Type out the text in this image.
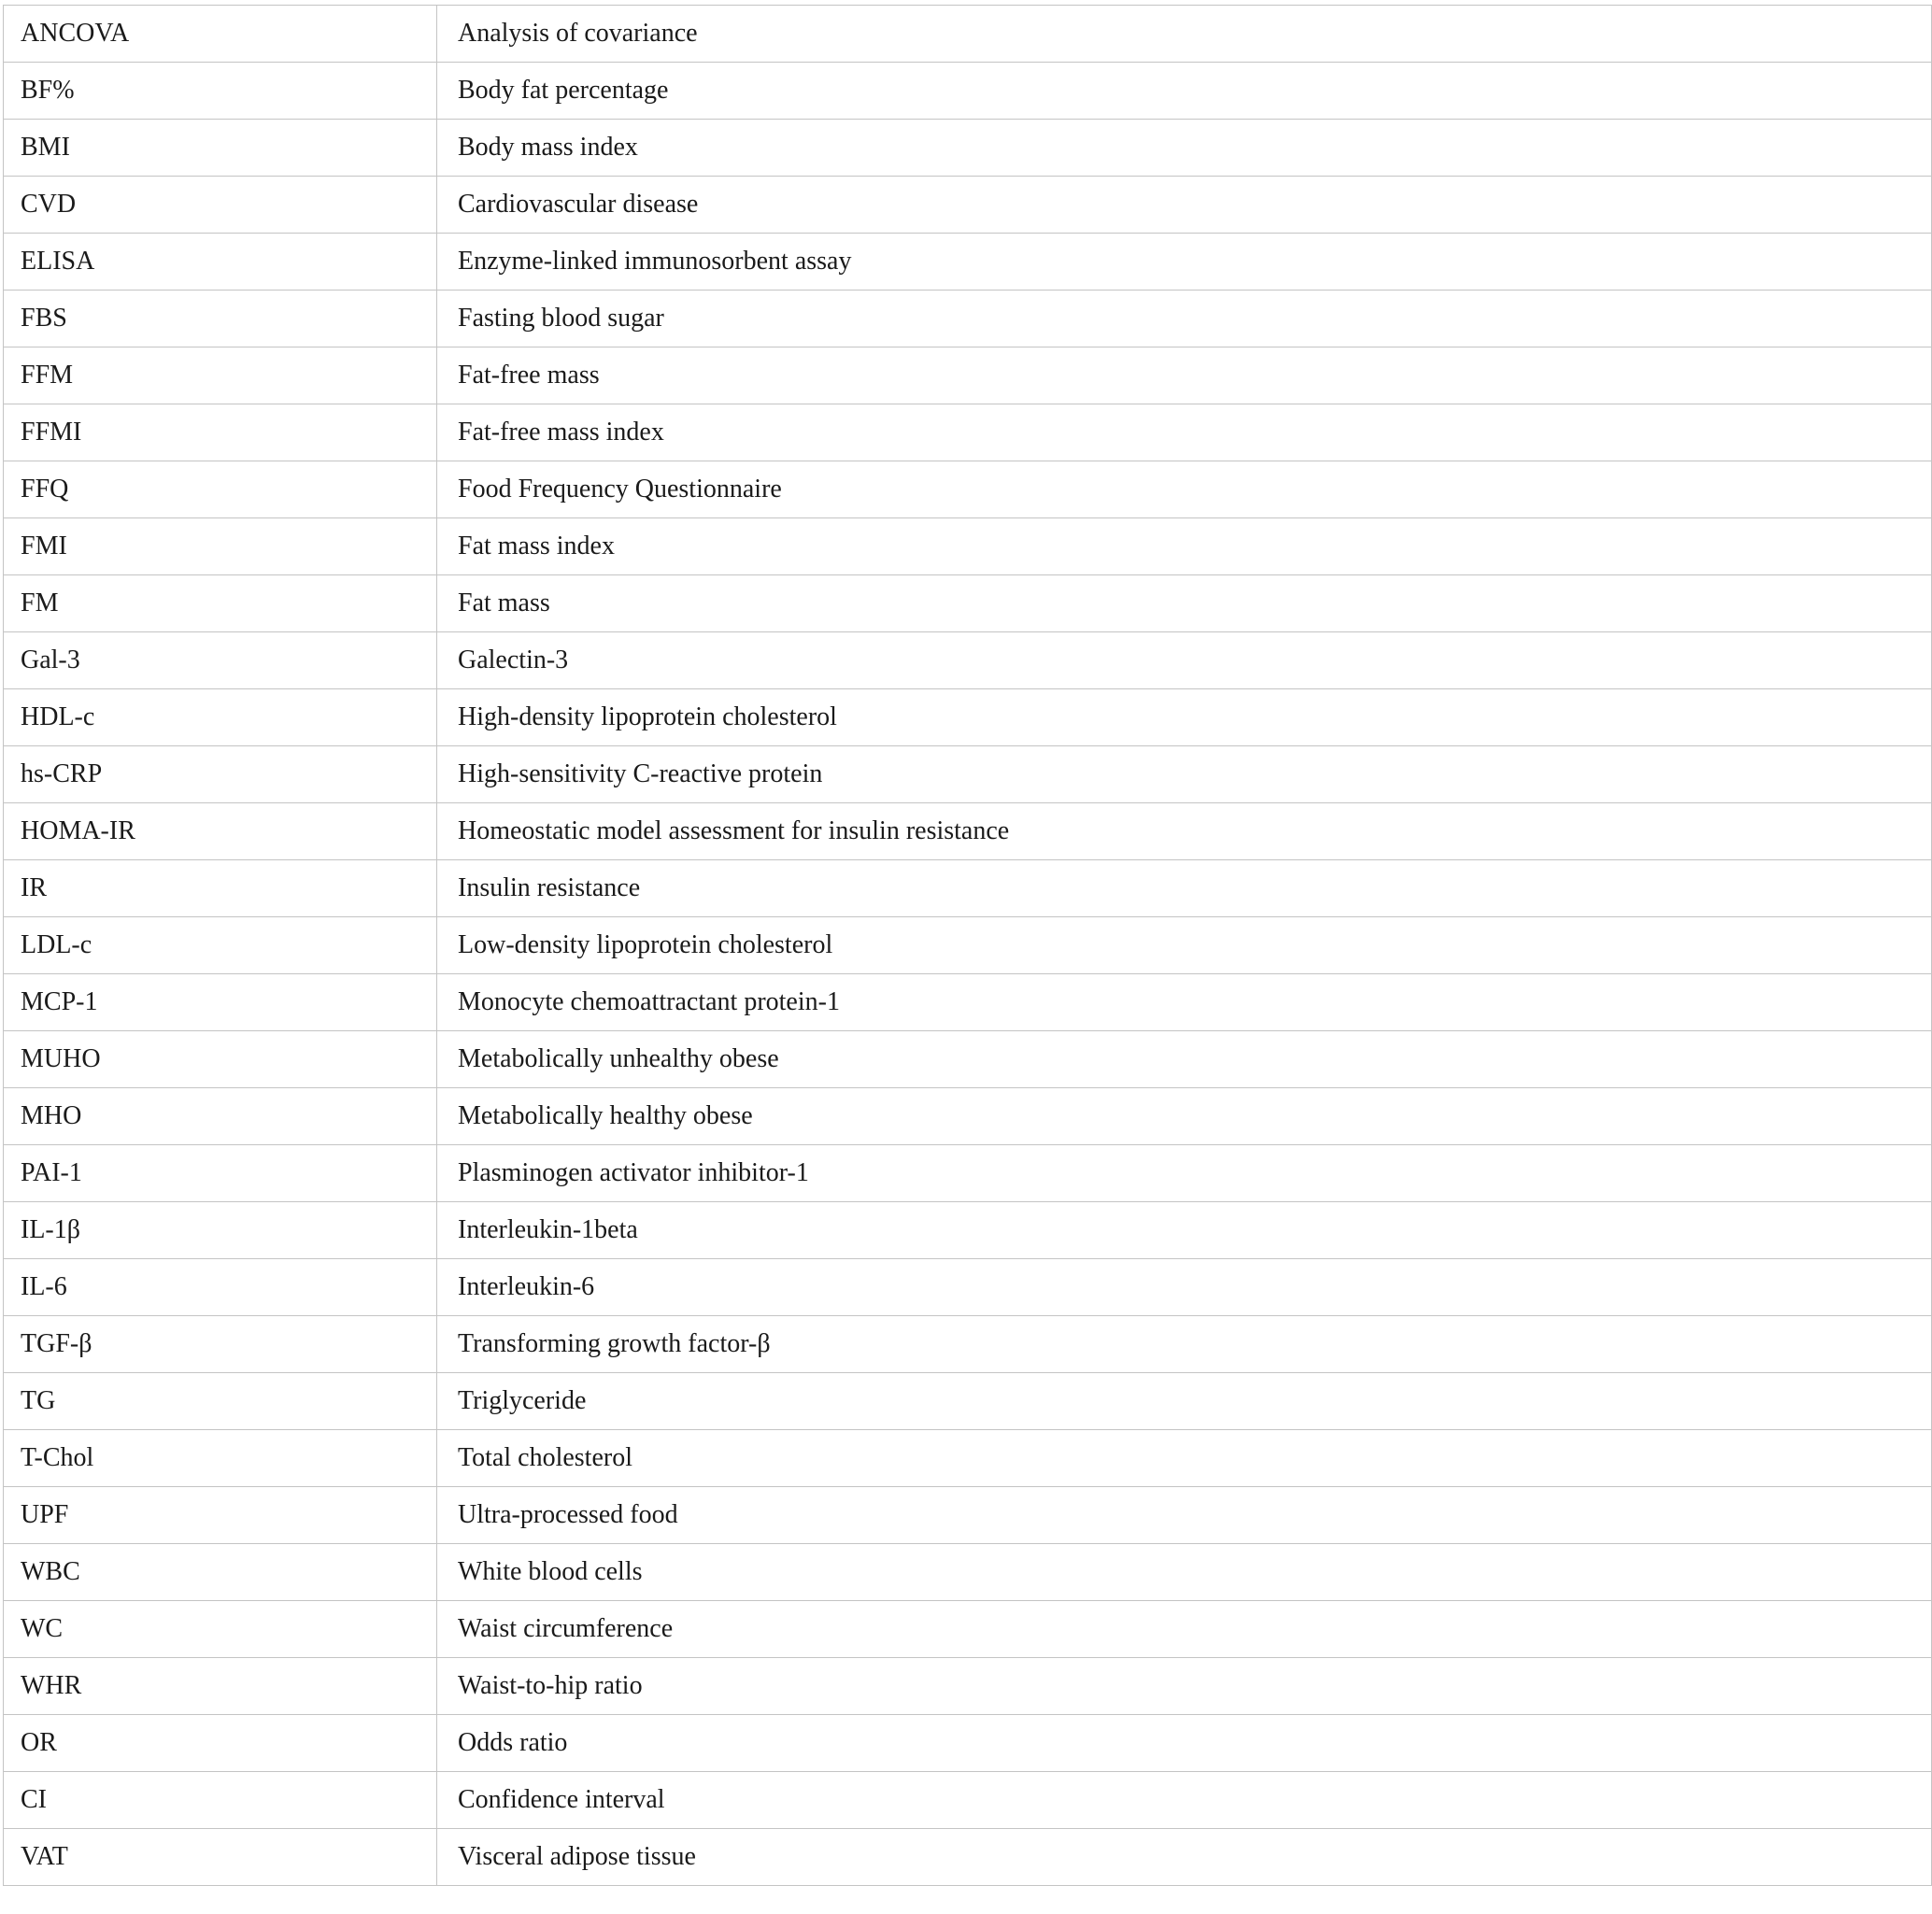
ANCOVA	Analysis of covariance
BF%	Body fat percentage
BMI	Body mass index
CVD	Cardiovascular disease
ELISA	Enzyme-linked immunosorbent assay
FBS	Fasting blood sugar
FFM	Fat-free mass
FFMI	Fat-free mass index
FFQ	Food Frequency Questionnaire
FMI	Fat mass index
FM	Fat mass
Gal-3	Galectin-3
HDL-c	High-density lipoprotein cholesterol
hs-CRP	High-sensitivity C-reactive protein
HOMA-IR	Homeostatic model assessment for insulin resistance
IR	Insulin resistance
LDL-c	Low-density lipoprotein cholesterol
MCP-1	Monocyte chemoattractant protein-1
MUHO	Metabolically unhealthy obese
MHO	Metabolically healthy obese
PAI-1	Plasminogen activator inhibitor-1
IL-1β	Interleukin-1beta
IL-6	Interleukin-6
TGF-β	Transforming growth factor-β
TG	Triglyceride
T-Chol	Total cholesterol
UPF	Ultra-processed food
WBC	White blood cells
WC	Waist circumference
WHR	Waist-to-hip ratio
OR	Odds ratio
CI	Confidence interval
VAT	Visceral adipose tissue
